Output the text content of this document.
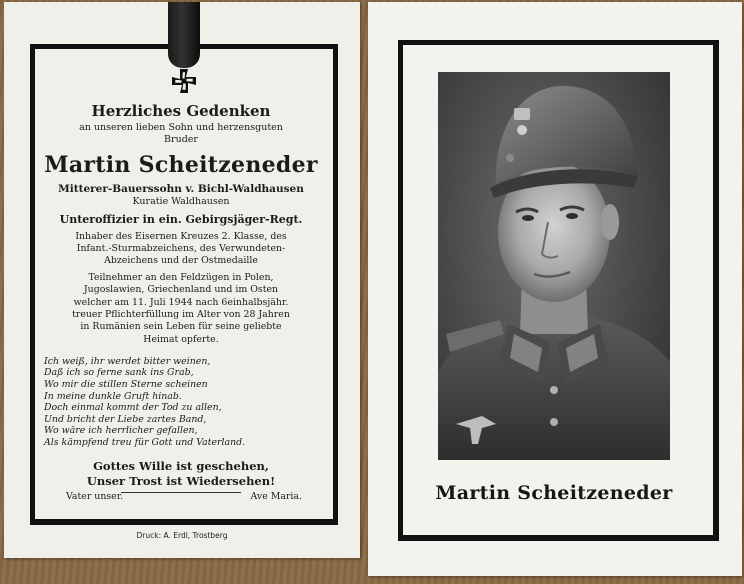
Herzliches Gedenken
an unseren lieben Sohn und herzensguten
Bruder
Martin Scheitzeneder
Mitterer-Bauerssohn v. Bichl-Waldhausen
Kuratie Waldhausen
Unteroffizier in ein. Gebirgsjäger-Regt.
Inhaber des Eisernen Kreuzes 2. Klasse, des
Infant.-Sturmabzeichens, des Verwundeten-
Abzeichens und der Ostmedaille
Teilnehmer an den Feldzügen in Polen,
Jugoslawien, Griechenland und im Osten
welcher am 11. Juli 1944 nach 6einhalbsjähr.
treuer Pflichterfüllung im Alter von 28 Jahren
in Rumänien sein Leben für seine geliebte
Heimat opferte.
Ich weiß, ihr werdet bitter weinen,
Daß ich so ferne sank ins Grab,
Wo mir die stillen Sterne scheinen
In meine dunkle Gruft hinab.
Doch einmal kommt der Tod zu allen,
Und bricht der Liebe zartes Band,
Wo wäre ich herrlicher gefallen,
Als kämpfend treu für Gott und Vaterland.
Gottes Wille ist geschehen,
Unser Trost ist Wiedersehen!
Vater unser.	Ave Maria.
Druck: A. Erdl, Trostberg
Martin Scheitzeneder
